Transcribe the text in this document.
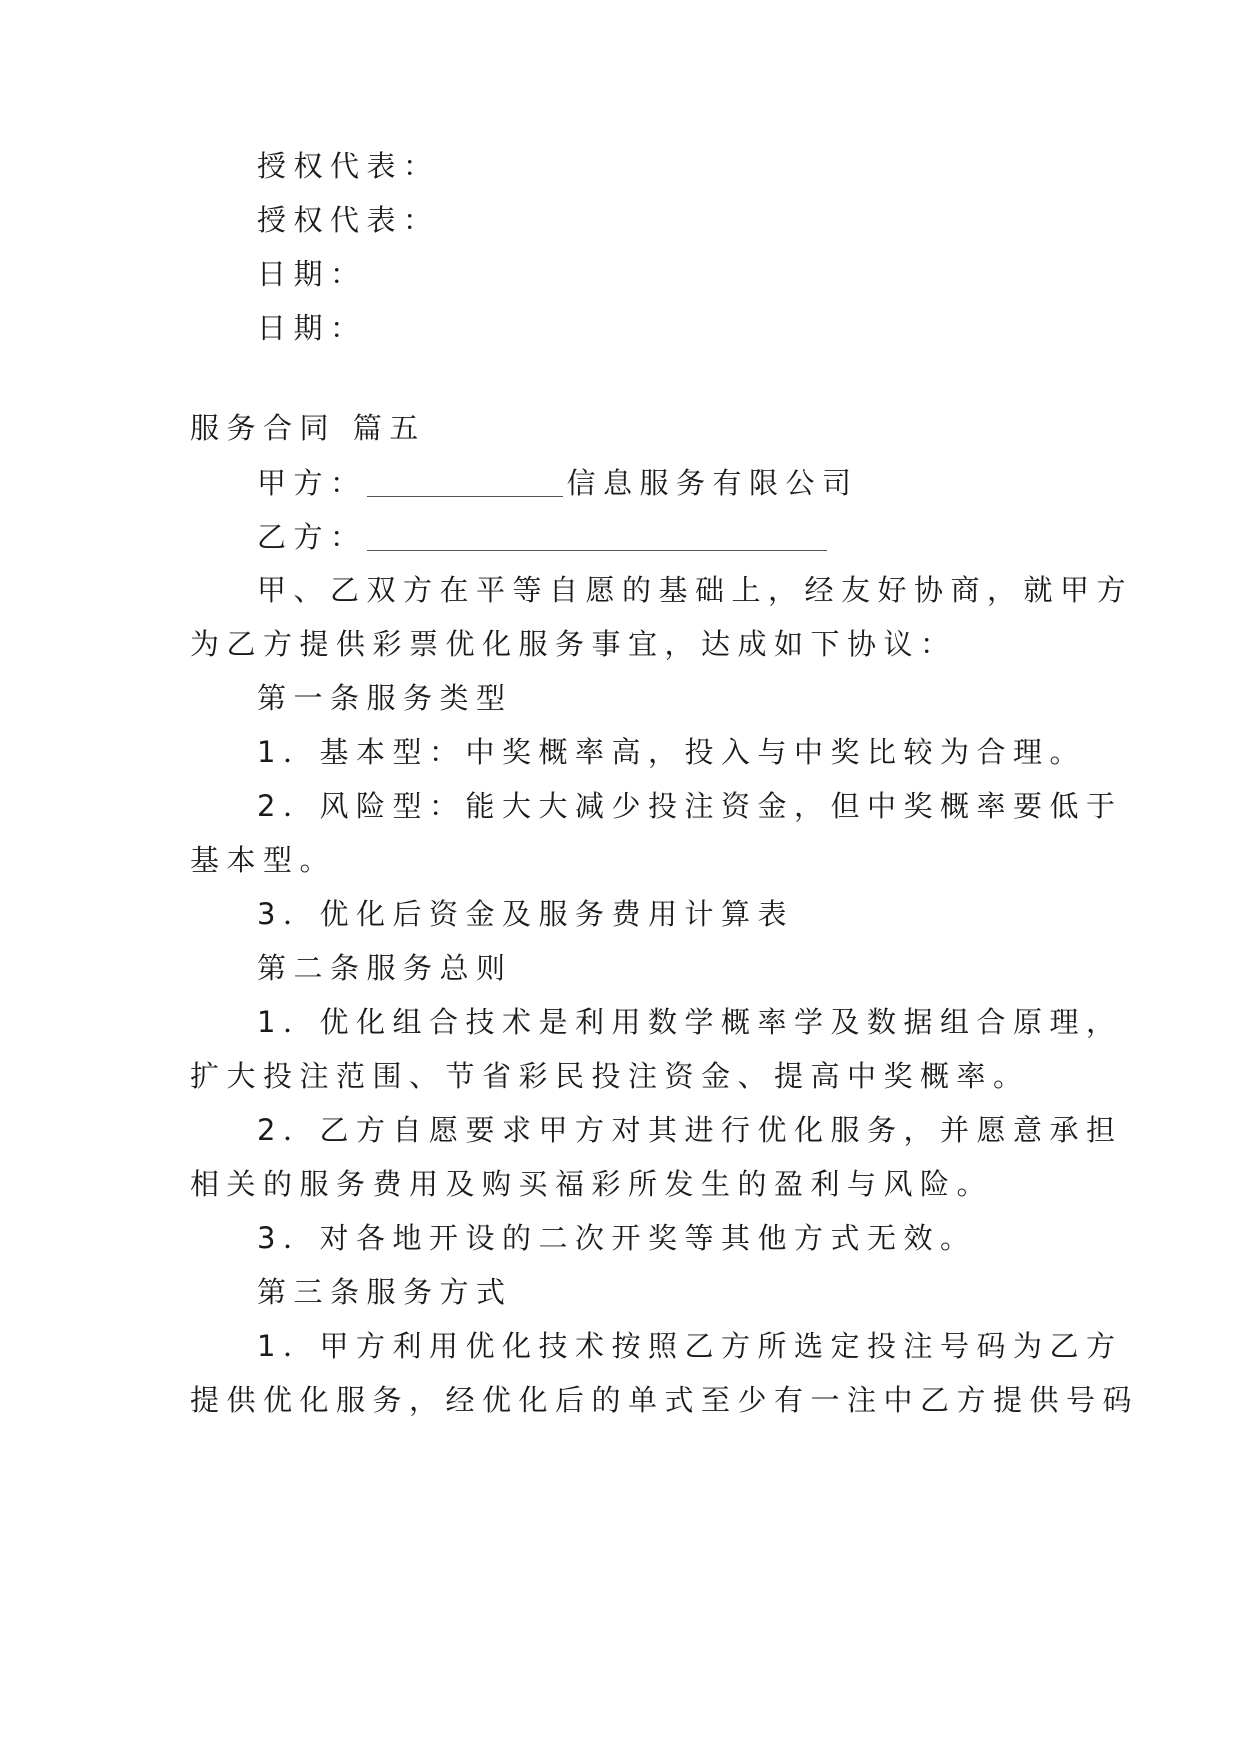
授权代表：
授权代表：
日期：
日期：
服务合同 篇五
甲方：	信息服务有限公司
乙方：
甲、乙双方在平等自愿的基础上，经友好协商，就甲方
为乙方提供彩票优化服务事宜，达成如下协议：
第一条服务类型
1．基本型：中奖概率高，投入与中奖比较为合理。
2．风险型：能大大减少投注资金，但中奖概率要低于
基本型。
3．优化后资金及服务费用计算表
第二条服务总则
1．优化组合技术是利用数学概率学及数据组合原理，
扩大投注范围、节省彩民投注资金、提高中奖概率。
2．乙方自愿要求甲方对其进行优化服务，并愿意承担
相关的服务费用及购买福彩所发生的盈利与风险。
3．对各地开设的二次开奖等其他方式无效。
第三条服务方式
1．甲方利用优化技术按照乙方所选定投注号码为乙方
提供优化服务，经优化后的单式至少有一注中乙方提供号码
